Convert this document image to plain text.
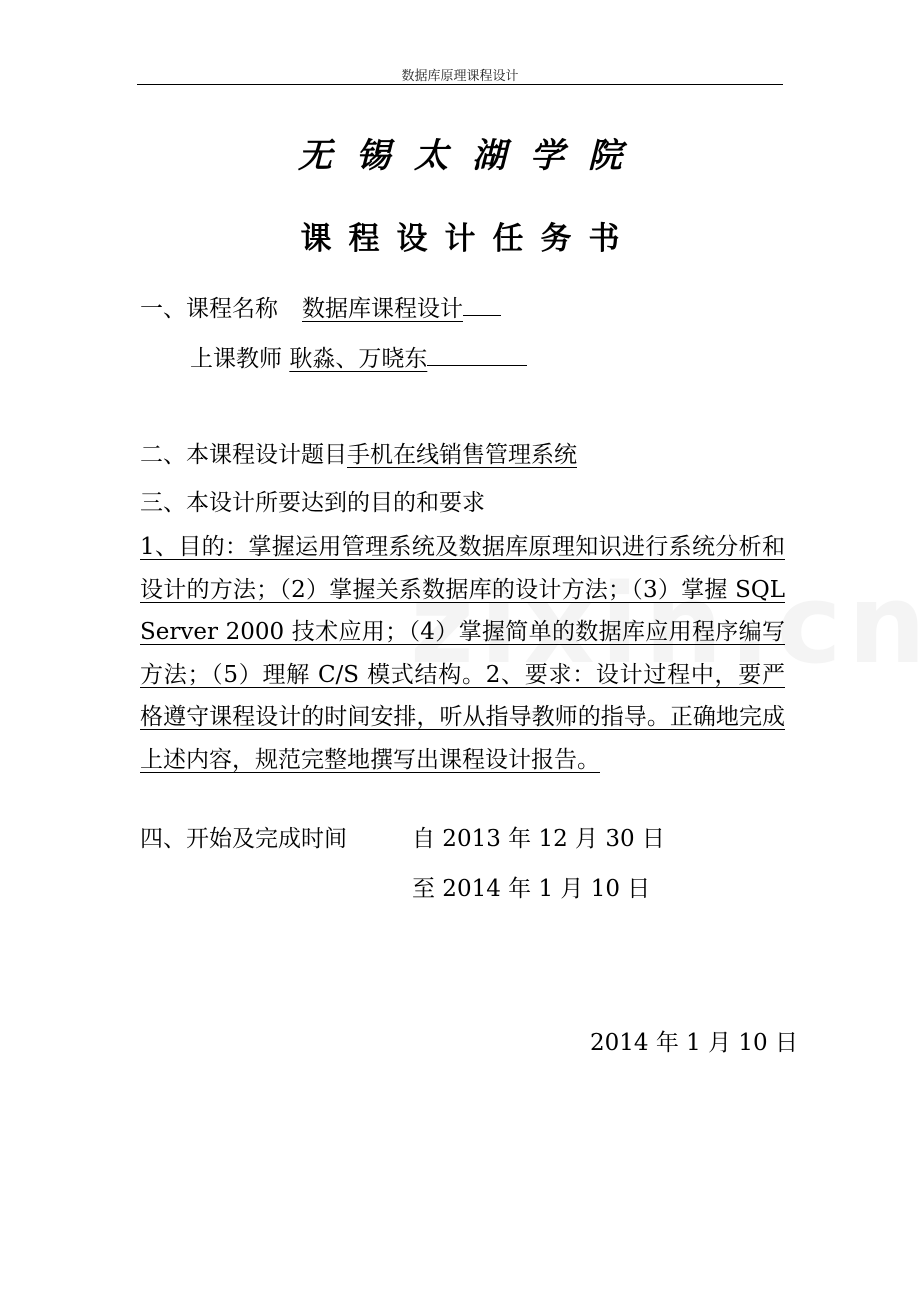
数据库原理课程设计
无锡太湖学院
课程设计任务书
一、课程名称 数据库课程设计
上课教师 耿淼、万晓东
二、本课程设计题目手机在线销售管理系统
三、本设计所要达到的目的和要求
1、目的：掌握运用管理系统及数据库原理知识进行系统分析和设计的方法；（2）掌握关系数据库的设计方法；（3）掌握 SQL Server 2000 技术应用；（4）掌握简单的数据库应用程序编写方法；（5）理解 C/S 模式结构。2、要求：设计过程中，要严格遵守课程设计的时间安排，听从指导教师的指导。正确地完成上述内容，规范完整地撰写出课程设计报告。
四、开始及完成时间	自 2013 年 12 月 30 日
至 2014 年 1 月 10 日
2014 年 1 月 10 日
